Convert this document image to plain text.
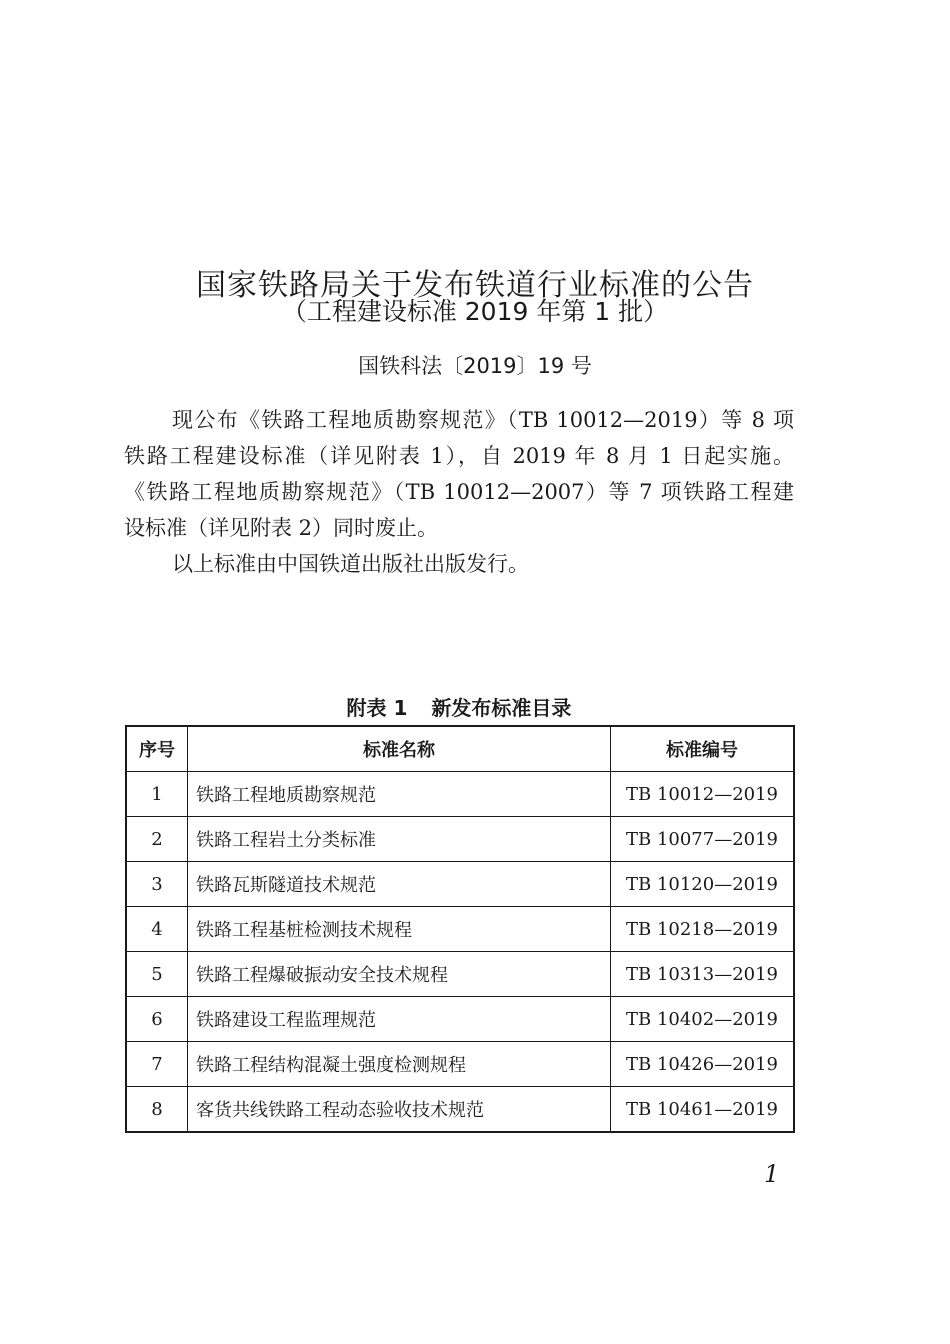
国家铁路局关于发布铁道行业标准的公告
（工程建设标准 2019 年第 1 批）
国铁科法〔2019〕19 号
现公布《铁路工程地质勘察规范》（TB 10012—2019）等 8 项
铁路工程建设标准（详见附表 1），自 2019 年 8 月 1 日起实施。
《铁路工程地质勘察规范》（TB 10012—2007）等 7 项铁路工程建
设标准（详见附表 2）同时废止。
以上标准由中国铁道出版社出版发行。
附表 1 新发布标准目录
序号	标准名称	标准编号
1	铁路工程地质勘察规范	TB 10012—2019
2	铁路工程岩土分类标准	TB 10077—2019
3	铁路瓦斯隧道技术规范	TB 10120—2019
4	铁路工程基桩检测技术规程	TB 10218—2019
5	铁路工程爆破振动安全技术规程	TB 10313—2019
6	铁路建设工程监理规范	TB 10402—2019
7	铁路工程结构混凝土强度检测规程	TB 10426—2019
8	客货共线铁路工程动态验收技术规范	TB 10461—2019
1
